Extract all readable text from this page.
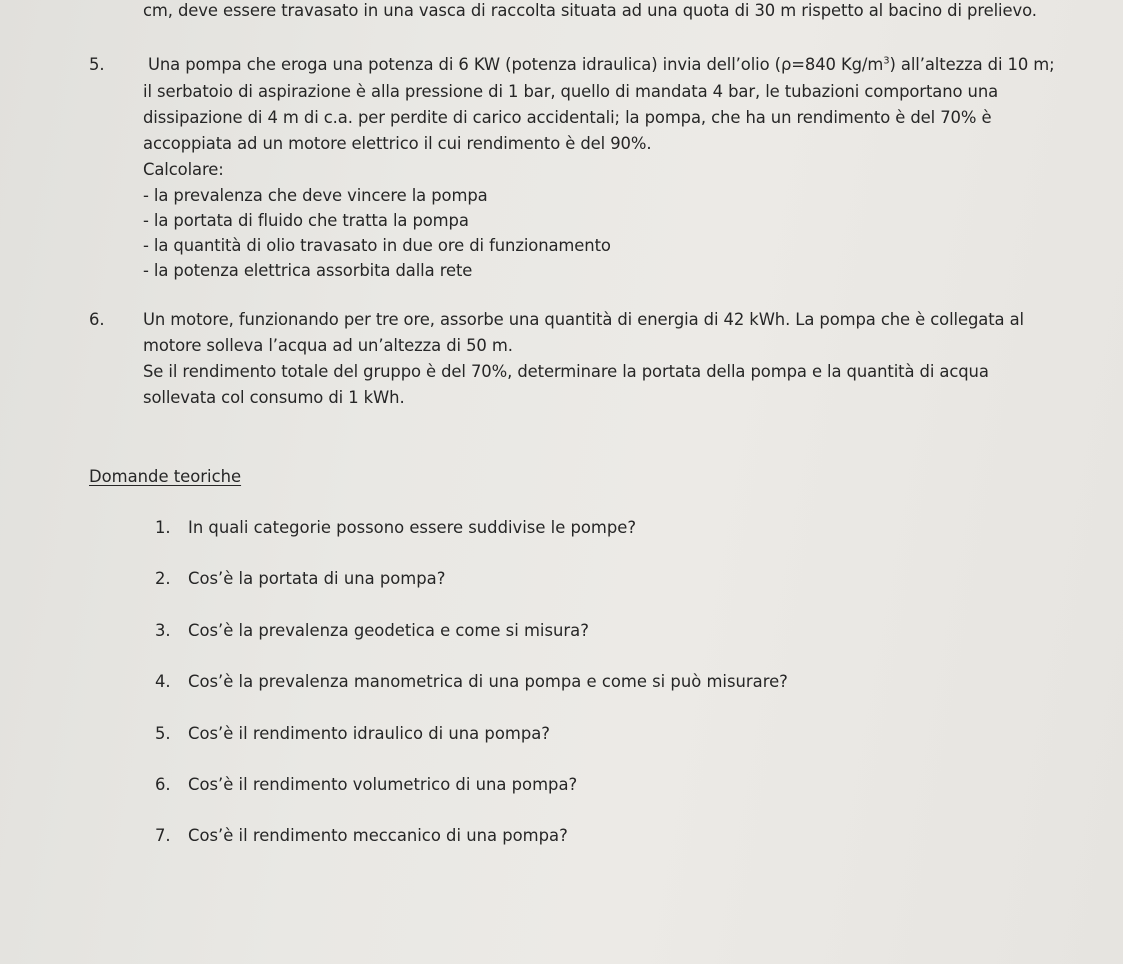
cm, deve essere travasato in una vasca di raccolta situata ad una quota di 30 m rispetto al bacino di prelievo.
5.	Una pompa che eroga una potenza di 6 KW (potenza idraulica) invia dell’olio (ρ=840 $Kg/m^3$) all’altezza di 10 m;
il serbatoio di aspirazione è alla pressione di 1 bar, quello di mandata 4 bar, le tubazioni comportano una
dissipazione di 4 m di c.a. per perdite di carico accidentali; la pompa, che ha un rendimento è del 70% è
accoppiata ad un motore elettrico il cui rendimento è del 90%.
Calcolare:
- la prevalenza che deve vincere la pompa
- la portata di fluido che tratta la pompa
- la quantità di olio travasato in due ore di funzionamento
- la potenza elettrica assorbita dalla rete
6. Un motore, funzionando per tre ore, assorbe una quantità di energia di 42 kWh. La pompa che è collegata al
motore solleva l’acqua ad un’altezza di 50 m.
Se il rendimento totale del gruppo è del 70%, determinare la portata della pompa e la quantità di acqua
sollevata col consumo di 1 kWh.
Domande teoriche
1. In quali categorie possono essere suddivise le pompe?
2. Cos’è la portata di una pompa?
3. Cos’è la prevalenza geodetica e come si misura?
4. Cos’è la prevalenza manometrica di una pompa e come si può misurare?
5. Cos’è il rendimento idraulico di una pompa?
6. Cos’è il rendimento volumetrico di una pompa?
7. Cos’è il rendimento meccanico di una pompa?
